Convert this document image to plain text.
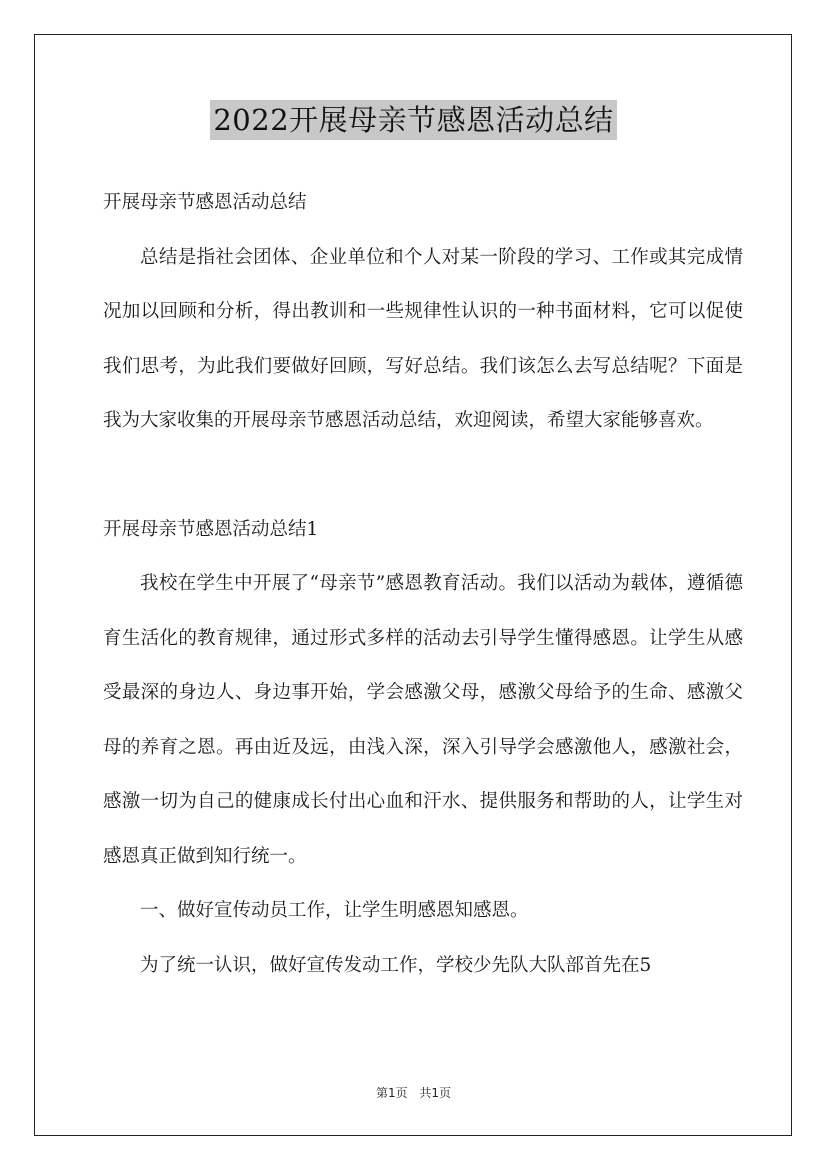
2022开展母亲节感恩活动总结

开展母亲节感恩活动总结

总结是指社会团体、企业单位和个人对某一阶段的学习、工作或其完成情况加以回顾和分析，得出教训和一些规律性认识的一种书面材料，它可以促使我们思考，为此我们要做好回顾，写好总结。我们该怎么去写总结呢？下面是我为大家收集的开展母亲节感恩活动总结，欢迎阅读，希望大家能够喜欢。

开展母亲节感恩活动总结1

我校在学生中开展了“母亲节”感恩教育活动。我们以活动为载体，遵循德育生活化的教育规律，通过形式多样的活动去引导学生懂得感恩。让学生从感受最深的身边人、身边事开始，学会感激父母，感激父母给予的生命、感激父母的养育之恩。再由近及远，由浅入深，深入引导学会感激他人，感激社会，感激一切为自己的健康成长付出心血和汗水、提供服务和帮助的人，让学生对感恩真正做到知行统一。

一、做好宣传动员工作，让学生明感恩知感恩。

为了统一认识，做好宣传发动工作，学校少先队大队部首先在5

第1页 共1页
